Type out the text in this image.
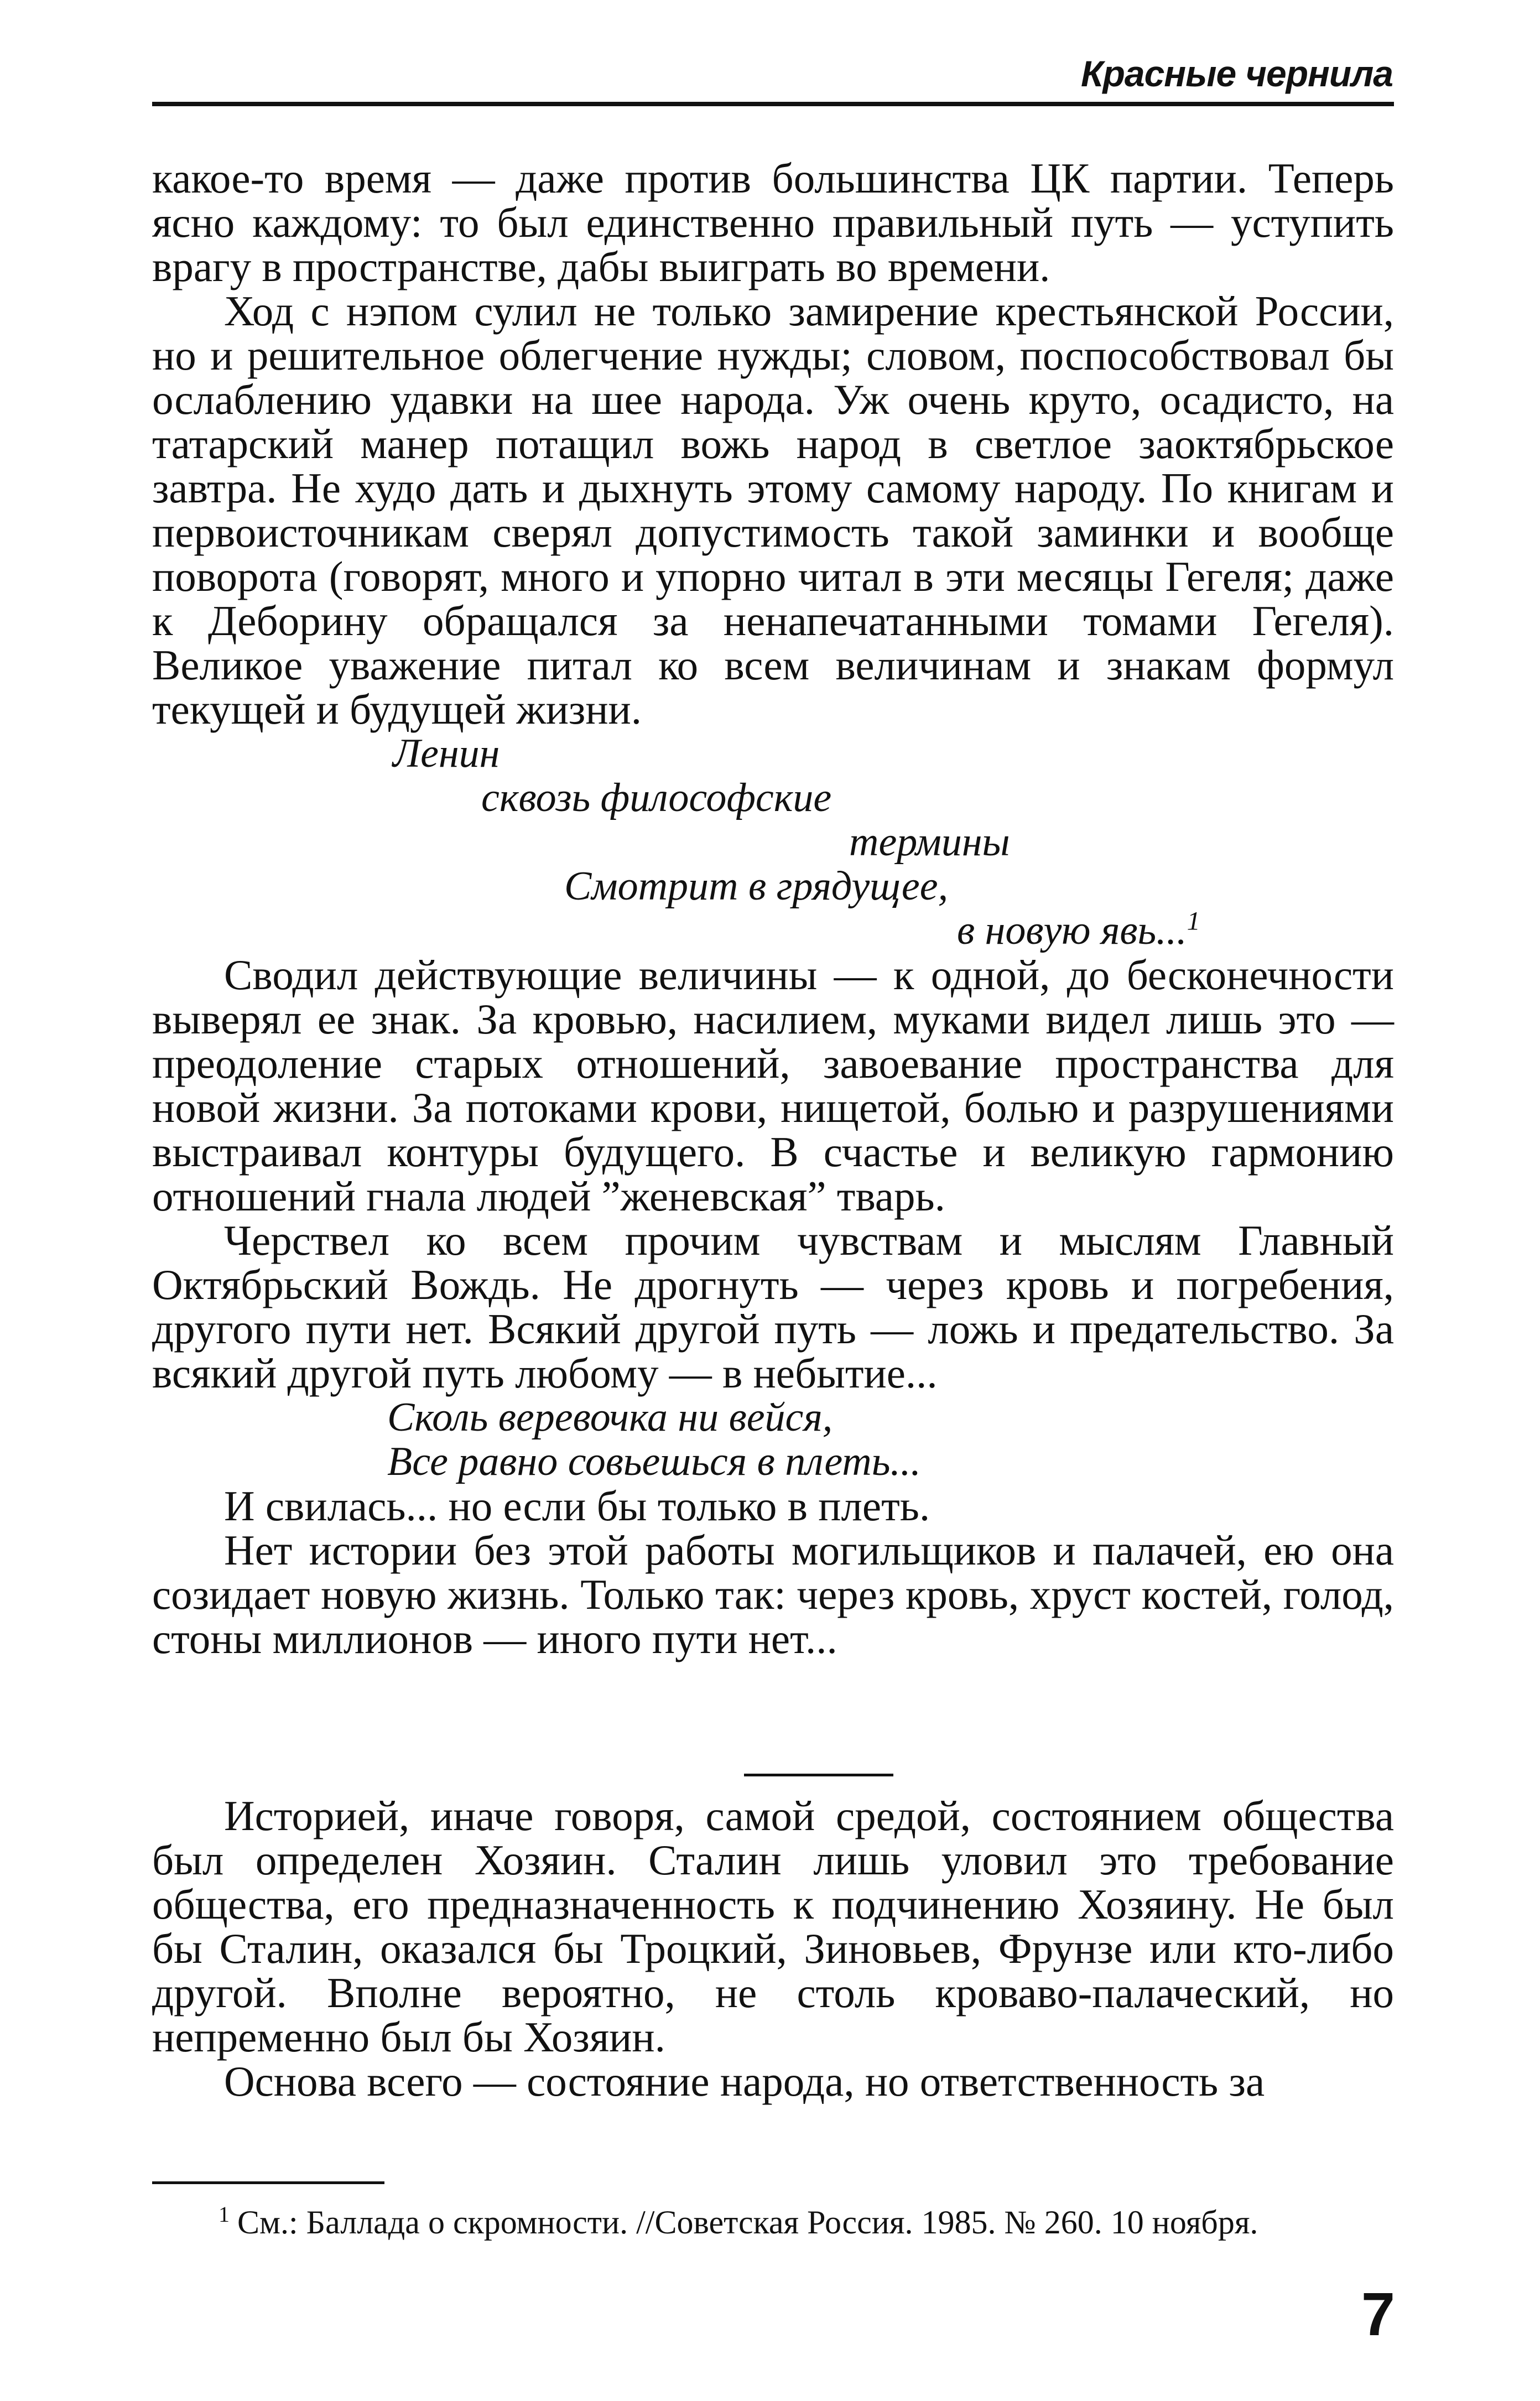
Красные чернила

какое-то время — даже против большинства ЦК партии. Теперь ясно каждому: то был единственно правильный путь — уступить врагу в пространстве, дабы выиграть во времени.

Ход с нэпом сулил не только замирение крестьянской России, но и решительное облегчение нужды; словом, поспособствовал бы ослаблению удавки на шее народа. Уж очень круто, осадисто, на татарский манер потащил вожь народ в светлое заоктябрьское завтра. Не худо дать и дыхнуть этому самому народу. По книгам и первоисточникам сверял допустимость такой заминки и вообще поворота (говорят, много и упорно читал в эти месяцы Гегеля; даже к Деборину обращался за ненапечатанными томами Гегеля). Великое уважение питал ко всем величинам и знакам формул текущей и будущей жизни.

Ленин
сквозь философские
термины
Смотрит в грядущее,
в новую явь...$^1$

Сводил действующие величины — к одной, до бесконечности выверял ее знак. За кровью, насилием, муками видел лишь это — преодоление старых отношений, завоевание пространства для новой жизни. За потоками крови, нищетой, болью и разрушениями выстраивал контуры будущего. В счастье и великую гармонию отношений гнала людей ”женевская” тварь.

Черствел ко всем прочим чувствам и мыслям Главный Октябрьский Вождь. Не дрогнуть — через кровь и погребения, другого пути нет. Всякий другой путь — ложь и предательство. За всякий другой путь любому — в небытие...

Сколь веревочка ни вейся,
Все равно совьешься в плеть...

И свилась... но если бы только в плеть.

Нет истории без этой работы могильщиков и палачей, ею она созидает новую жизнь. Только так: через кровь, хруст костей, голод, стоны миллионов — иного пути нет...

Историей, иначе говоря, самой средой, состоянием общества был определен Хозяин. Сталин лишь уловил это требование общества, его предназначенность к подчинению Хозяину. Не был бы Сталин, оказался бы Троцкий, Зиновьев, Фрунзе или кто-либо другой. Вполне вероятно, не столь кроваво-палаческий, но непременно был бы Хозяин.

Основа всего — состояние народа, но ответственность за

$^1$ См.: Баллада о скромности. //Советская Россия. 1985. № 260. 10 ноября.
7
